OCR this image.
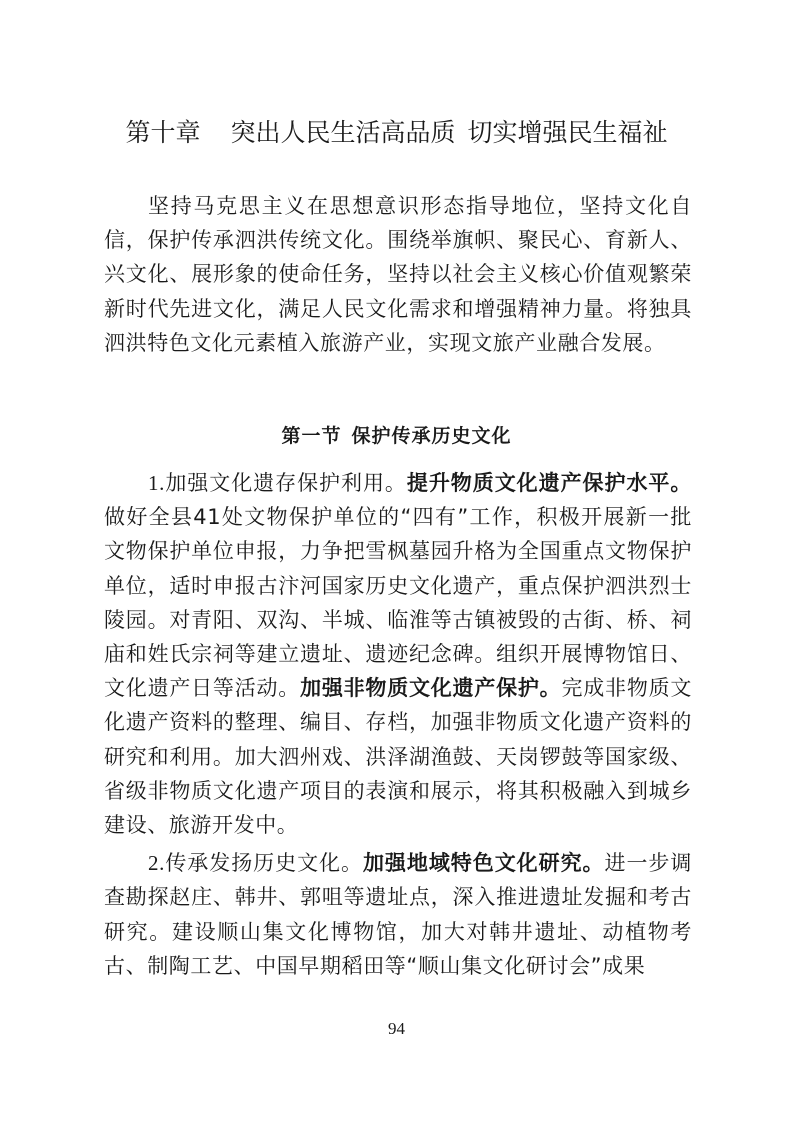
第十章 突出人民生活高品质 切实增强民生福祉

坚持马克思主义在思想意识形态指导地位，坚持文化自信，保护传承泗洪传统文化。围绕举旗帜、聚民心、育新人、兴文化、展形象的使命任务，坚持以社会主义核心价值观繁荣新时代先进文化，满足人民文化需求和增强精神力量。将独具泗洪特色文化元素植入旅游产业，实现文旅产业融合发展。

第一节 保护传承历史文化

1.加强文化遗存保护利用。提升物质文化遗产保护水平。做好全县41处文物保护单位的“四有”工作，积极开展新一批文物保护单位申报，力争把雪枫墓园升格为全国重点文物保护单位，适时申报古汴河国家历史文化遗产，重点保护泗洪烈士陵园。对青阳、双沟、半城、临淮等古镇被毁的古街、桥、祠庙和姓氏宗祠等建立遗址、遗迹纪念碑。组织开展博物馆日、文化遗产日等活动。加强非物质文化遗产保护。完成非物质文化遗产资料的整理、编目、存档，加强非物质文化遗产资料的研究和利用。加大泗州戏、洪泽湖渔鼓、天岗锣鼓等国家级、省级非物质文化遗产项目的表演和展示，将其积极融入到城乡建设、旅游开发中。

2.传承发扬历史文化。加强地域特色文化研究。进一步调查勘探赵庄、韩井、郭咀等遗址点，深入推进遗址发掘和考古研究。建设顺山集文化博物馆，加大对韩井遗址、动植物考古、制陶工艺、中国早期稻田等“顺山集文化研讨会”成果

94
